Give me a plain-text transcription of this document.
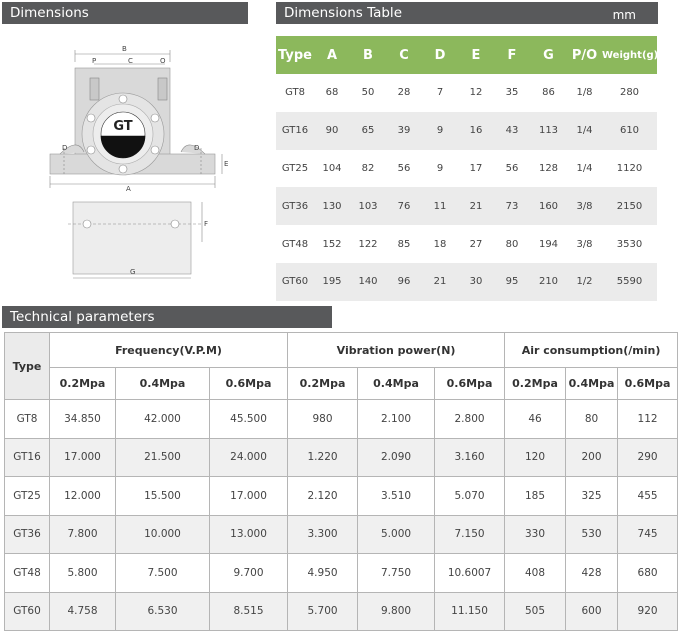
Dimensions	Dimensions Table	mm
Technical parameters
B
C
P	O
D	D
A
E
F
G
GT
Type	A	B	C	D	E	F	G	P/O	Weight(g)
GT8	68	50	28	7	12	35	86	1/8	280
GT16	90	65	39	9	16	43	113	1/4	610
GT25	104	82	56	9	17	56	128	1/4	1120
GT36	130	103	76	11	21	73	160	3/8	2150
GT48	152	122	85	18	27	80	194	3/8	3530
GT60	195	140	96	21	30	95	210	1/2	5590
Type	Frequency(V.P.M)			Vibration power(N)			Air consumption(/min)		
	0.2Mpa	0.4Mpa	0.6Mpa	0.2Mpa	0.4Mpa	0.6Mpa	0.2Mpa	0.4Mpa	0.6Mpa
GT8	34.850	42.000	45.500	980	2.100	2.800	46	80	112
GT16	17.000	21.500	24.000	1.220	2.090	3.160	120	200	290
GT25	12.000	15.500	17.000	2.120	3.510	5.070	185	325	455
GT36	7.800	10.000	13.000	3.300	5.000	7.150	330	530	745
GT48	5.800	7.500	9.700	4.950	7.750	10.6007	408	428	680
GT60	4.758	6.530	8.515	5.700	9.800	11.150	505	600	920
